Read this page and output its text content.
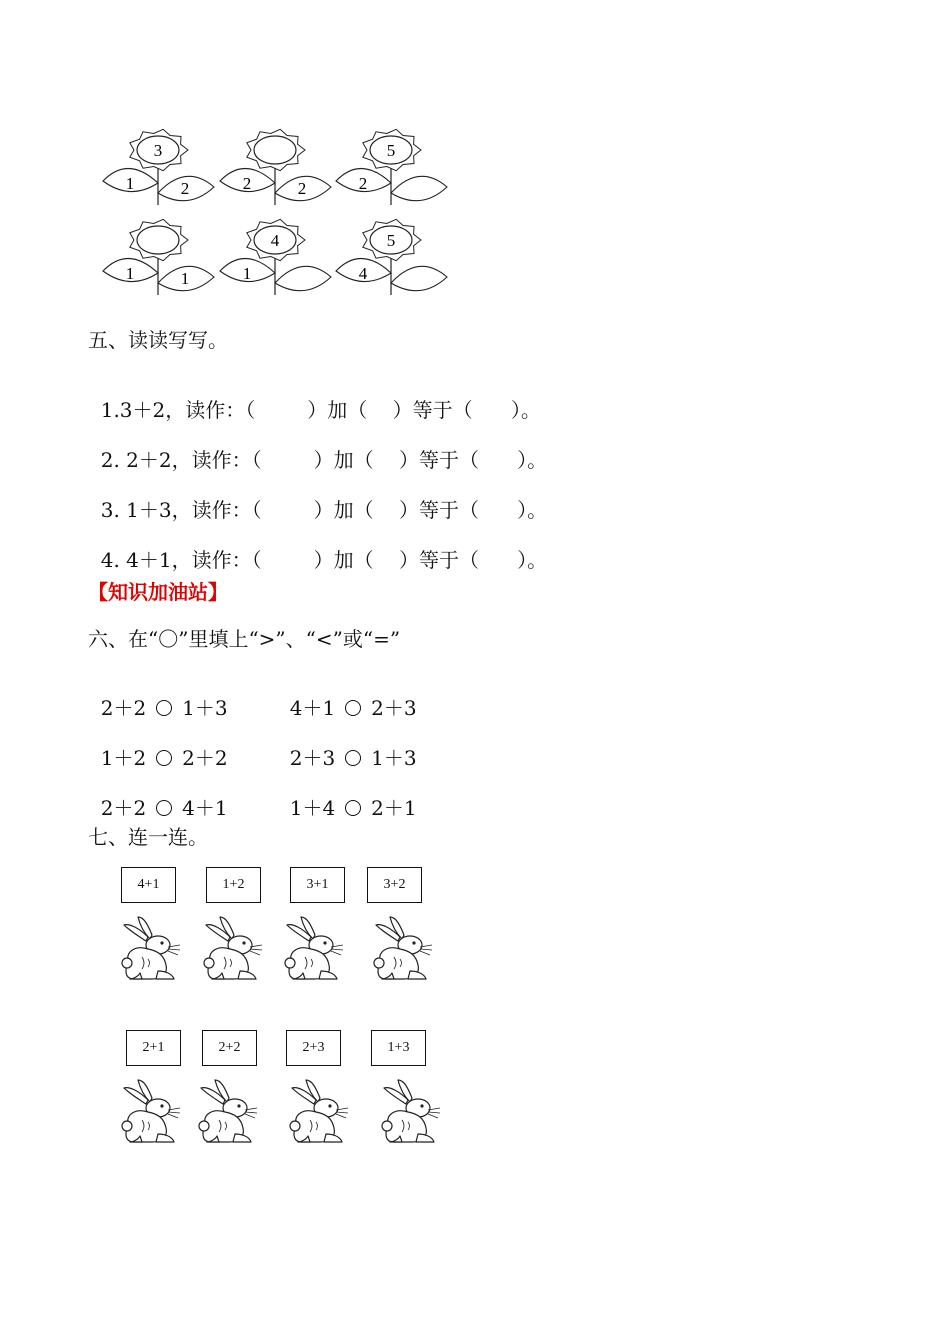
3
1	2	2	2
5
2
1	1
4
1
5
4
五、读读写写。

1.3＋2，读作：（	）加（    ）等于（      ）。

2. 2＋2，读作：（	）加（    ）等于（      ）。

3. 1＋3，读作：（	）加（    ）等于（      ）。

4. 4＋1，读作：（	）加（    ）等于（      ）。

【知识加油站】
六、在“〇”里填上“>”、“<”或“=”

2＋2 1＋3	4＋1 2＋3

1＋2 2＋2	2＋3 1＋3

2＋2 4＋1	1＋4 2＋1

七、连一连。
4+1	1+2	3+1	3+2
2+1	2+2	2+3	1+3
